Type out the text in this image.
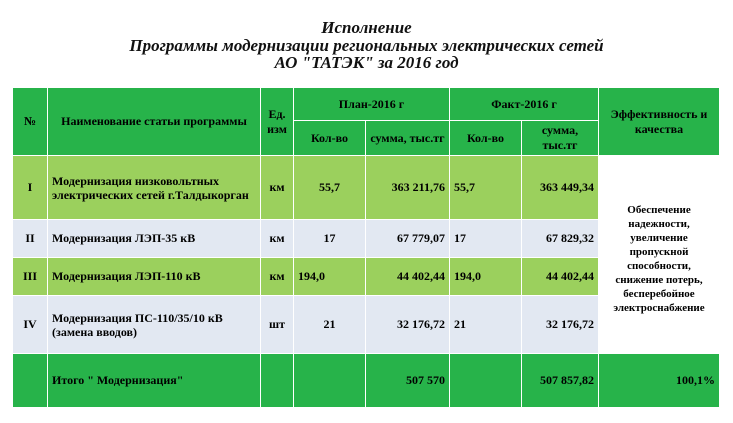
Исполнение
Программы модернизации региональных электрических сетей
АО "ТАТЭК" за 2016 год
№	Наименование статьи программы	Ед. изм	План-2016 г		Факт-2016 г		Эффективность и качества
			Кол-во	сумма, тыс.тг	Кол-во	сумма, тыс.тг	
I	Модернизация низковольтных электрических сетей г.Талдыкорган	км	55,7	363 211,76	55,7	363 449,34	Обеспечение надежности, увеличение пропускной способности, снижение потерь, бесперебойное электроснабжение
II	Модернизация ЛЭП-35 кВ	км	17	67 779,07	17	67 829,32	
III	Модернизация ЛЭП-110 кВ	км	194,0	44 402,44	194,0	44 402,44	
IV	Модернизация ПС-110/35/10 кВ (замена вводов)	шт	21	32 176,72	21	32 176,72	
	Итого " Модернизация"			507 570		507 857,82	100,1%
